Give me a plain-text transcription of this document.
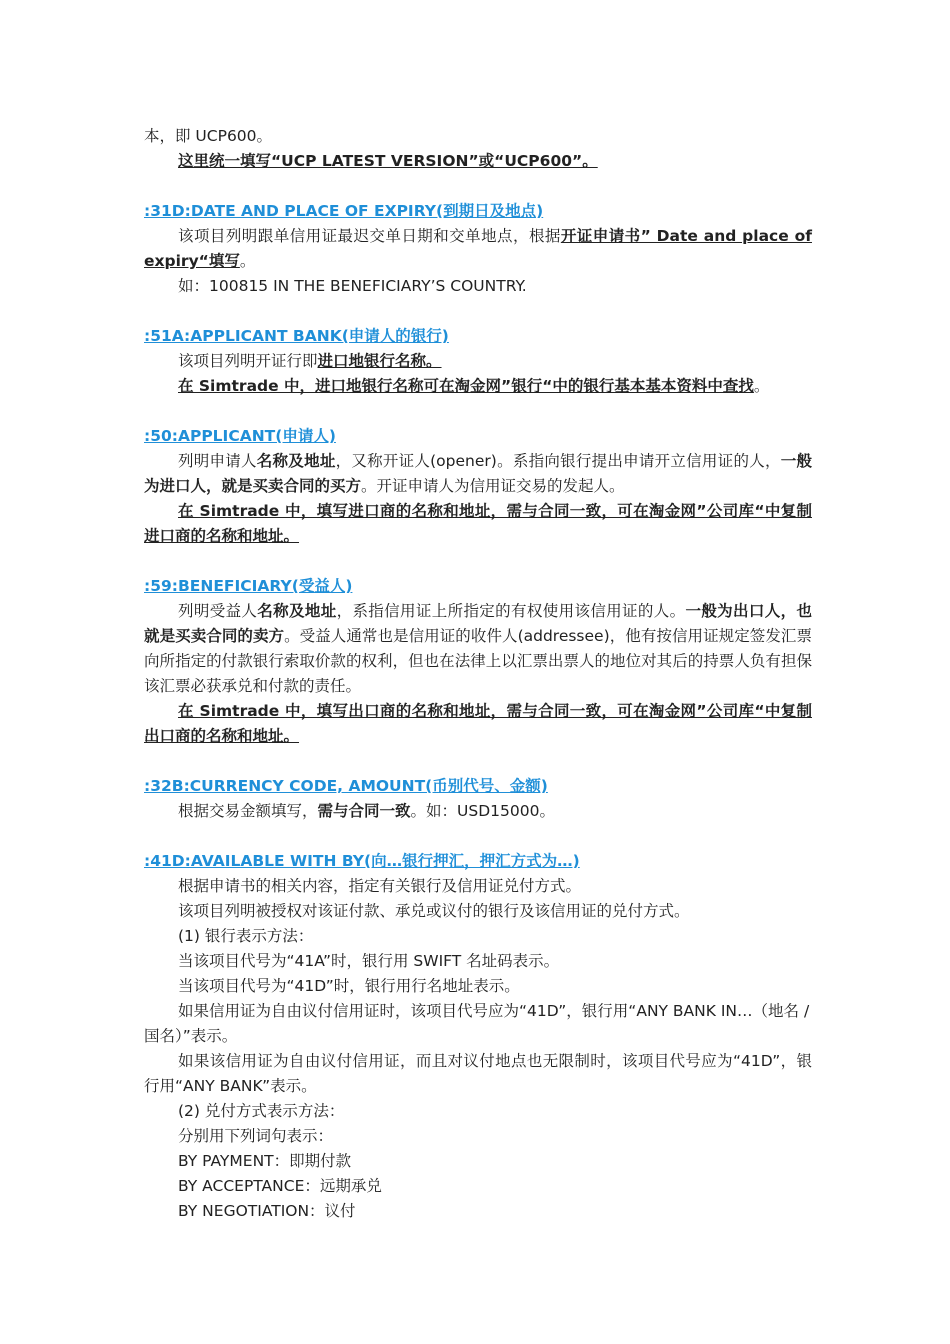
本，即 UCP600。

这里统一填写“UCP LATEST VERSION”或“UCP600”。

:31D:DATE AND PLACE OF EXPIRY(到期日及地点)

该项目列明跟单信用证最迟交单日期和交单地点，根据开证申请书” Date and place of expiry“填写。

如：100815 IN THE BENEFICIARY’S COUNTRY.

:51A:APPLICANT BANK(申请人的银行)

该项目列明开证行即进口地银行名称。

在 Simtrade 中，进口地银行名称可在淘金网”银行“中的银行基本基本资料中查找。

:50:APPLICANT(申请人)

列明申请人名称及地址，又称开证人(opener)。系指向银行提出申请开立信用证的人，一般为进口人，就是买卖合同的买方。开证申请人为信用证交易的发起人。

在 Simtrade 中，填写进口商的名称和地址，需与合同一致，可在淘金网”公司库“中复制进口商的名称和地址。

:59:BENEFICIARY(受益人)

列明受益人名称及地址，系指信用证上所指定的有权使用该信用证的人。一般为出口人，也就是买卖合同的卖方。受益人通常也是信用证的收件人(addressee)，他有按信用证规定签发汇票向所指定的付款银行索取价款的权利，但也在法律上以汇票出票人的地位对其后的持票人负有担保该汇票必获承兑和付款的责任。

在 Simtrade 中，填写出口商的名称和地址，需与合同一致，可在淘金网”公司库“中复制出口商的名称和地址。

:32B:CURRENCY CODE, AMOUNT(币别代号、金额)

根据交易金额填写，需与合同一致。如：USD15000。

:41D:AVAILABLE WITH BY(向…银行押汇，押汇方式为…)

根据申请书的相关内容，指定有关银行及信用证兑付方式。

该项目列明被授权对该证付款、承兑或议付的银行及该信用证的兑付方式。

(1) 银行表示方法：

当该项目代号为“41A”时，银行用 SWIFT 名址码表示。

当该项目代号为“41D”时，银行用行名地址表示。

如果信用证为自由议付信用证时，该项目代号应为“41D”，银行用“ANY BANK IN…（地名 / 国名）”表示。

如果该信用证为自由议付信用证，而且对议付地点也无限制时，该项目代号应为“41D”，银行用“ANY BANK”表示。

(2) 兑付方式表示方法：

分别用下列词句表示：

BY PAYMENT：即期付款

BY ACCEPTANCE：远期承兑

BY NEGOTIATION：议付
